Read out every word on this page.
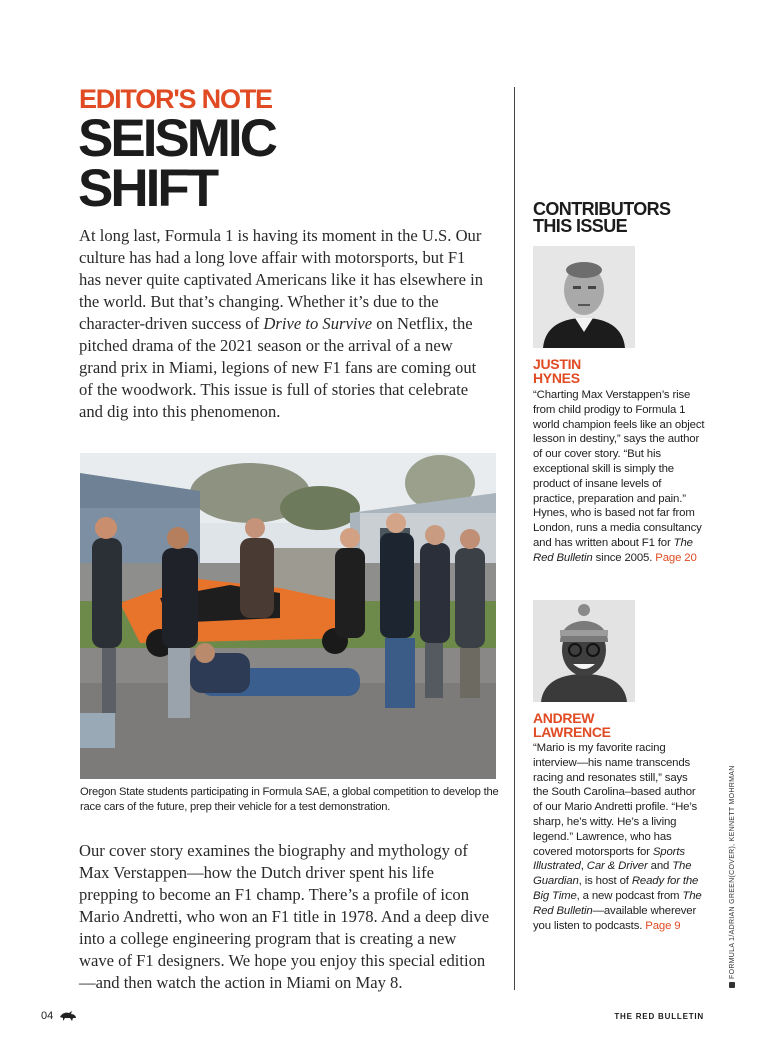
EDITOR'S NOTE
SEISMIC
SHIFT

At long last, Formula 1 is having its moment in the U.S. Our culture has had a long love affair with motorsports, but F1 has never quite captivated Americans like it has elsewhere in the world. But that’s changing. Whether it’s due to the character-driven success of Drive to Survive on Netflix, the pitched drama of the 2021 season or the arrival of a new grand prix in Miami, legions of new F1 fans are coming out of the woodwork. This issue is full of stories that celebrate and dig into this phenomenon.

Oregon State students participating in Formula SAE, a global competition to develop the race cars of the future, prep their vehicle for a test demonstration.

Our cover story examines the biography and mythology of Max Verstappen—how the Dutch driver spent his life prepping to become an F1 champ. There’s a profile of icon Mario Andretti, who won an F1 title in 1978. And a deep dive into a college engineering program that is creating a new wave of F1 designers. We hope you enjoy this special edition—and then watch the action in Miami on May 8.

CONTRIBUTORS
THIS ISSUE
JUSTIN
HYNES

“Charting Max Verstappen’s rise from child prodigy to Formula 1 world champion feels like an object lesson in destiny,” says the author of our cover story. “But his exceptional skill is simply the product of insane levels of practice, preparation and pain.” Hynes, who is based not far from London, runs a media consultancy and has written about F1 for The Red Bulletin since 2005. Page 20

ANDREW
LAWRENCE

“Mario is my favorite racing interview—his name transcends racing and resonates still,” says the South Carolina–based author of our Mario Andretti profile. “He’s sharp, he’s witty. He’s a living legend.” Lawrence, who has covered motorsports for Sports Illustrated, Car & Driver and The Guardian, is host of Ready for the Big Time, a new podcast from The Red Bulletin—available wherever you listen to podcasts. Page 9	FORMULA 1/ADRIAN GREEN(COVER), KENNETT MOHRMAN
04	THE RED BULLETIN
